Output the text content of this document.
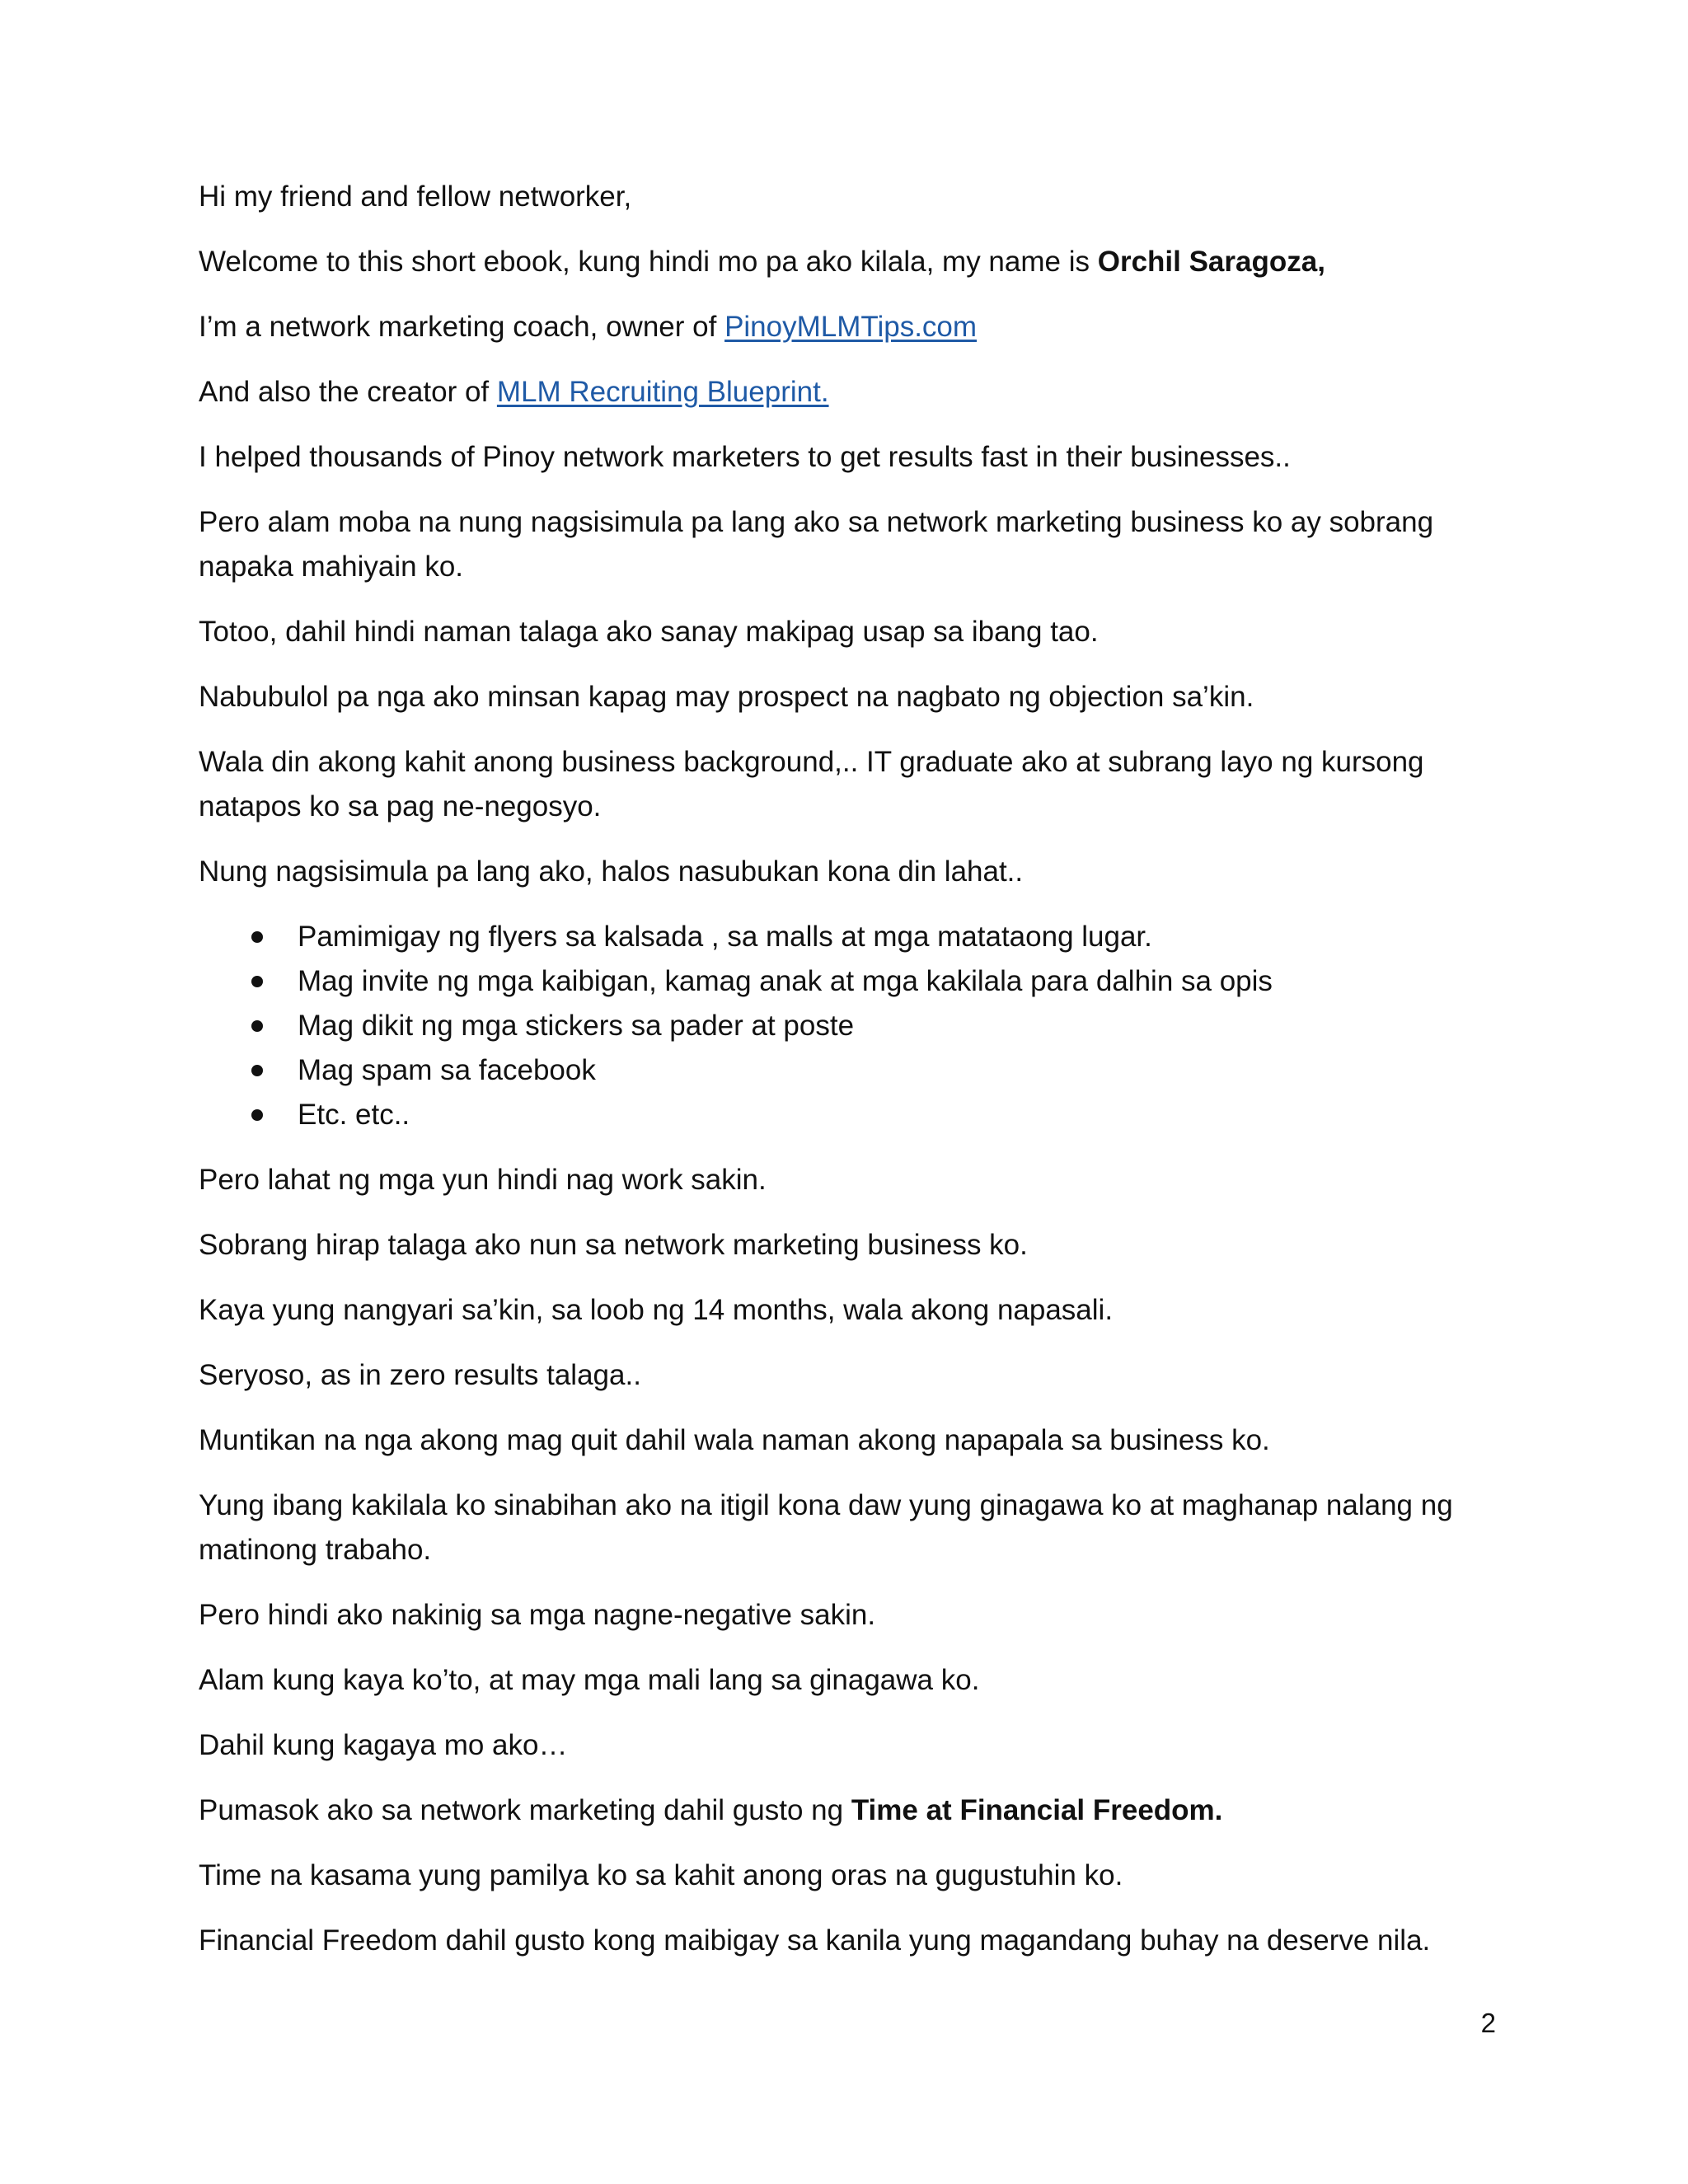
Hi my friend and fellow networker,

Welcome to this short ebook, kung hindi mo pa ako kilala, my name is Orchil Saragoza,

I’m a network marketing coach, owner of PinoyMLMTips.com

And also the creator of MLM Recruiting Blueprint.

I helped thousands of Pinoy network marketers to get results fast in their businesses..

Pero alam moba na nung nagsisimula pa lang ako sa network marketing business ko ay sobrang napaka mahiyain ko.

Totoo, dahil hindi naman talaga ako sanay makipag usap sa ibang tao.

Nabubulol pa nga ako minsan kapag may prospect na nagbato ng objection sa’kin.

Wala din akong kahit anong business background,.. IT graduate ako at subrang layo ng kursong natapos ko sa pag ne-negosyo.

Nung nagsisimula pa lang ako, halos nasubukan kona din lahat..

Pamimigay ng flyers sa kalsada , sa malls at mga matataong lugar.
Mag invite ng mga kaibigan, kamag anak at mga kakilala para dalhin sa opis
Mag dikit ng mga stickers sa pader at poste
Mag spam sa facebook
Etc. etc..

Pero lahat ng mga yun hindi nag work sakin.

Sobrang hirap talaga ako nun sa network marketing business ko.

Kaya yung nangyari sa’kin, sa loob ng 14 months, wala akong napasali.

Seryoso, as in zero results talaga..

Muntikan na nga akong mag quit dahil wala naman akong napapala sa business ko.

Yung ibang kakilala ko sinabihan ako na itigil kona daw yung ginagawa ko at maghanap nalang ng matinong trabaho.

Pero hindi ako nakinig sa mga nagne-negative sakin.

Alam kung kaya ko’to, at may mga mali lang sa ginagawa ko.

Dahil kung kagaya mo ako…

Pumasok ako sa network marketing dahil gusto ng Time at Financial Freedom.

Time na kasama yung pamilya ko sa kahit anong oras na gugustuhin ko.

Financial Freedom dahil gusto kong maibigay sa kanila yung magandang buhay na deserve nila.

2
